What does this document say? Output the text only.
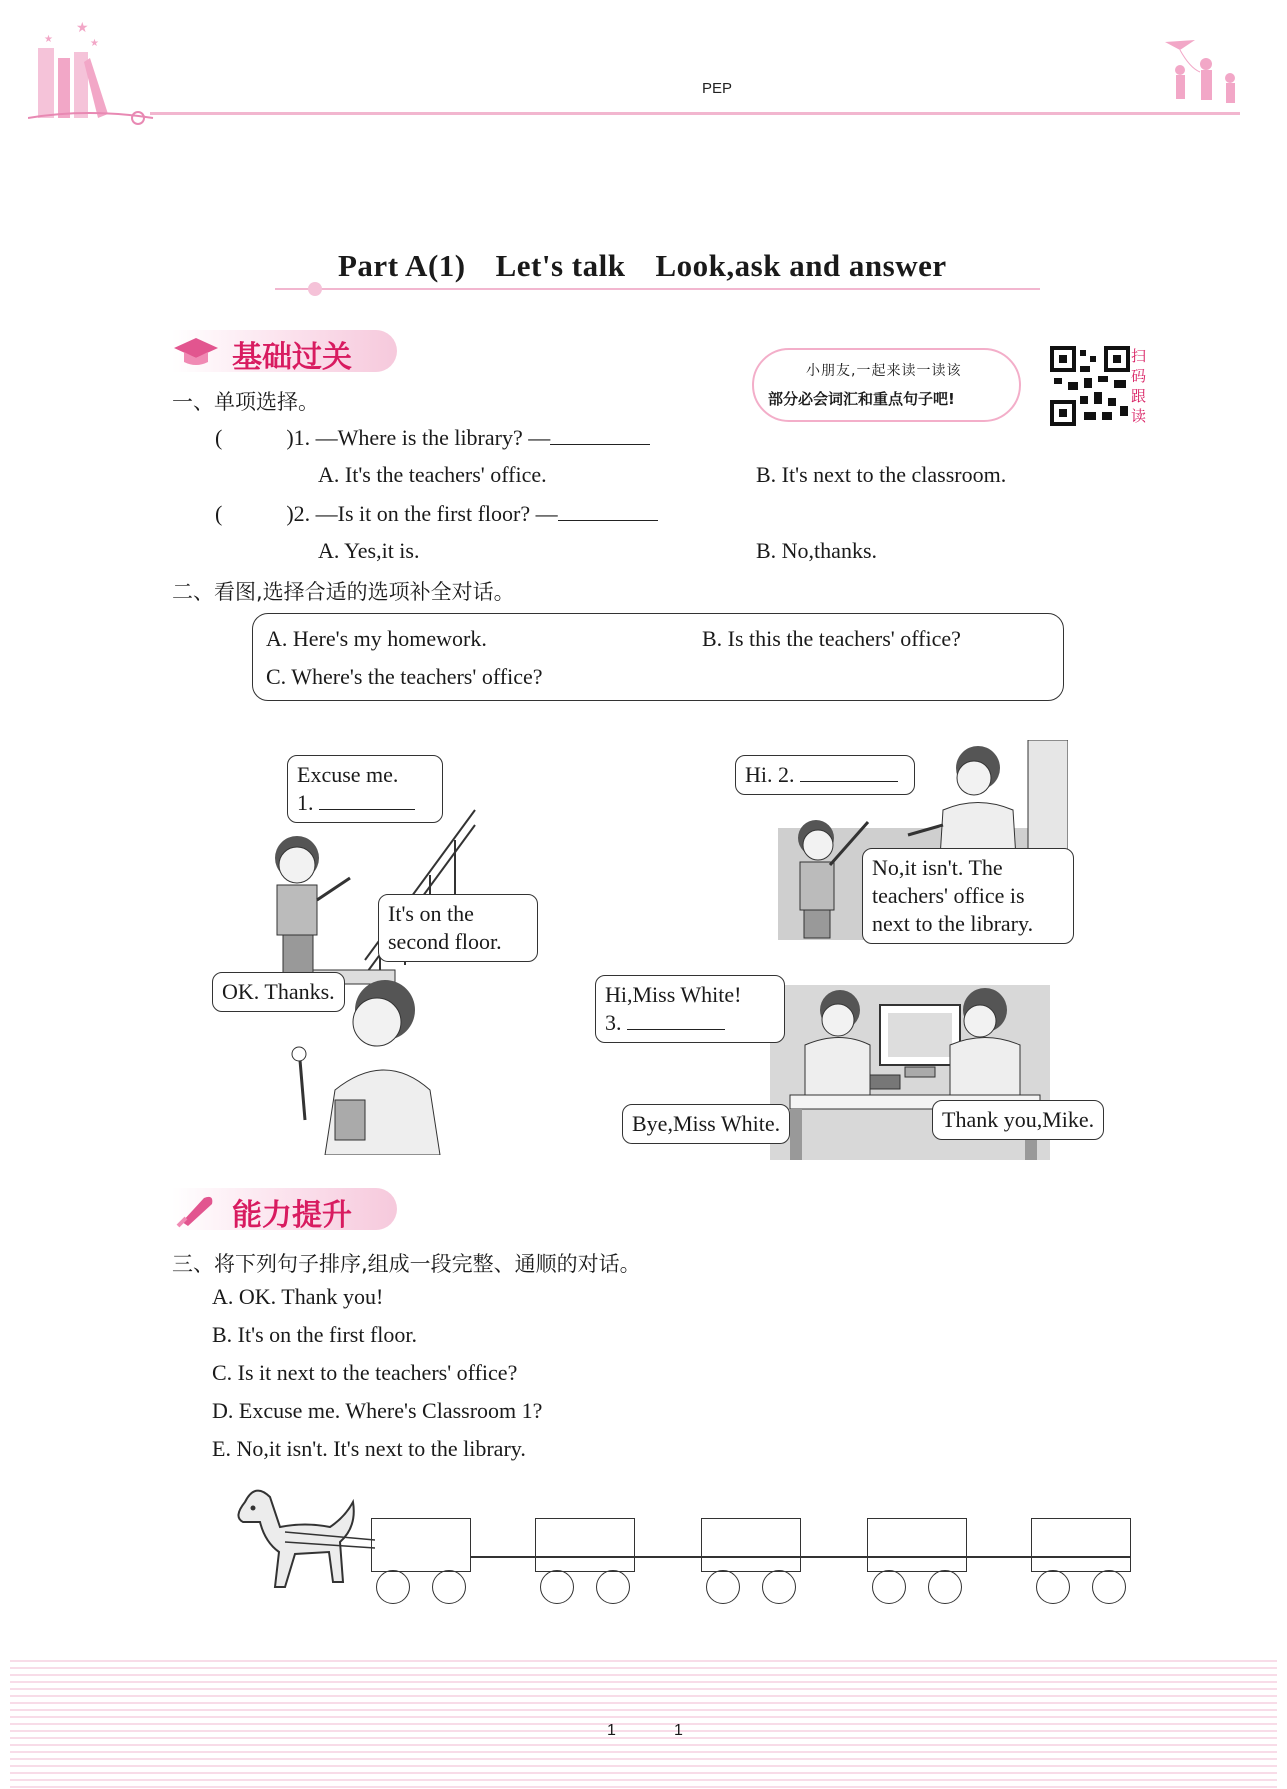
★
★
★
PEP
Part A(1) Let's talk Look,ask and answer
基础过关	小朋友,一起来读一读该
部分必会词汇和重点句子吧!
扫码跟读
一、单项选择。
(	)1. —Where is the library? —
A. It's the teachers' office.	B. It's next to the classroom.
(	)2. —Is it on the first floor? —
A. Yes,it is.	B. No,thanks.
二、看图,选择合适的选项补全对话。
A. Here's my homework.	B. Is this the teachers' office?
C. Where's the teachers' office?
Excuse me.
1.
It's on the
second floor.
OK. Thanks.
Hi. 2.
No,it isn't. The
teachers' office is
next to the library.
Hi,Miss White!
3.
Bye,Miss White.	Thank you,Mike.
能力提升
三、将下列句子排序,组成一段完整、通顺的对话。
A. OK. Thank you!
B. It's on the first floor.
C. Is it next to the teachers' office?
D. Excuse me. Where's Classroom 1?
E. No,it isn't. It's next to the library.
1	1
